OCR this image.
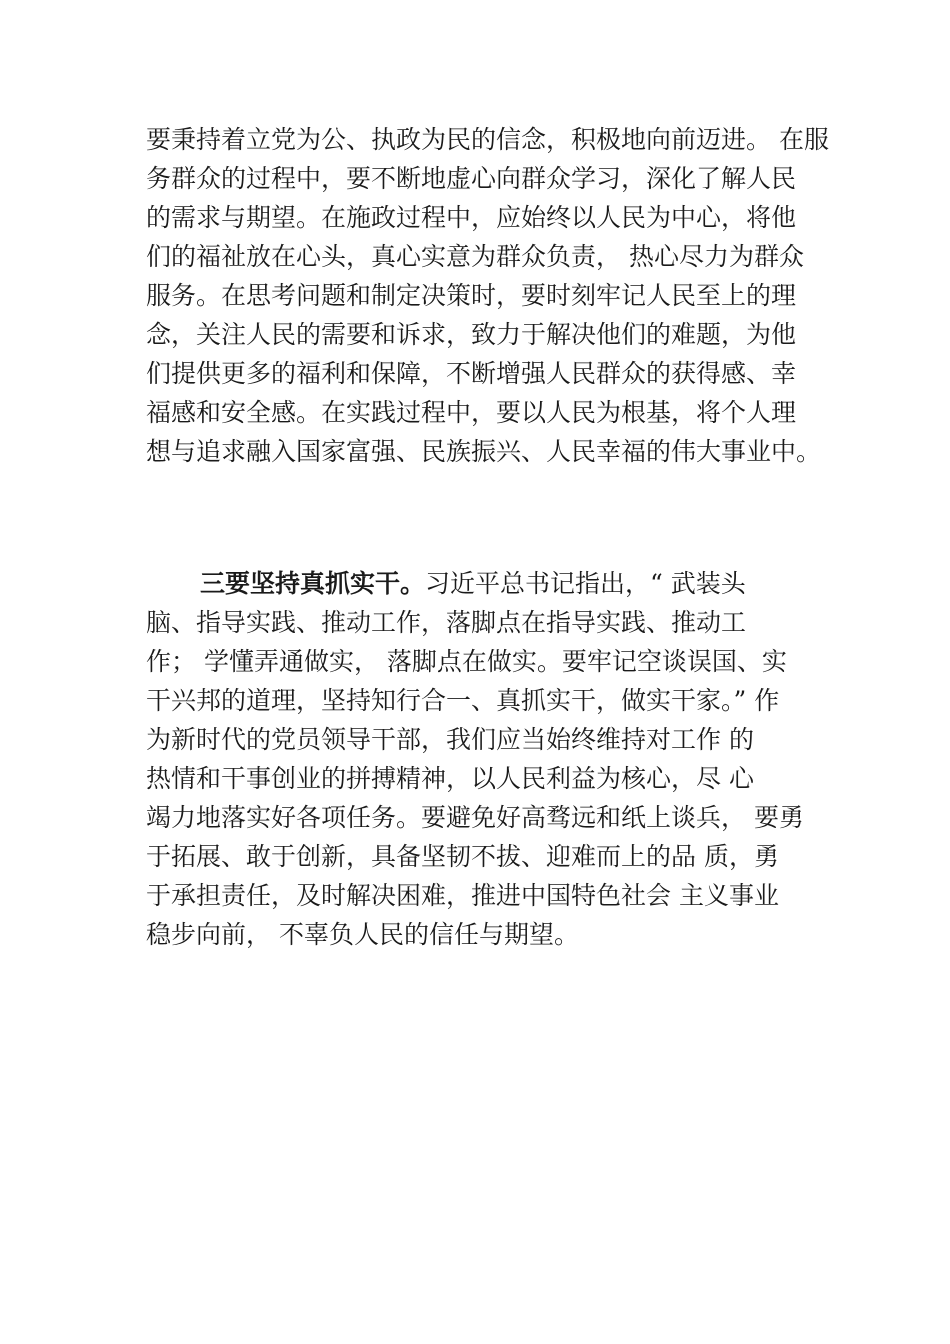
要秉持着立党为公、执政为民的信念，积极地向前迈进。 在服
务群众的过程中，要不断地虚心向群众学习，深化了解人民
的需求与期望。在施政过程中，应始终以人民为中心，将他
们的福祉放在心头，真心实意为群众负责， 热心尽力为群众
服务。在思考问题和制定决策时，要时刻牢记人民至上的理
念，关注人民的需要和诉求，致力于解决他们的难题，为他
们提供更多的福利和保障，不断增强人民群众的获得感、幸
福感和安全感。在实践过程中，要以人民为根基，将个人理
想与追求融入国家富强、民族振兴、人民幸福的伟大事业中。
三要坚持真抓实干。习近平总书记指出，“ 武装头
脑、指导实践、推动工作，落脚点在指导实践、推动工
作； 学懂弄通做实， 落脚点在做实。要牢记空谈误国、实
干兴邦的道理，坚持知行合一、真抓实干，做实干家。” 作
为新时代的党员领导干部，我们应当始终维持对工作 的
热情和干事创业的拼搏精神，以人民利益为核心，尽 心
竭力地落实好各项任务。要避免好高骛远和纸上谈兵， 要勇
于拓展、敢于创新，具备坚韧不拔、迎难而上的品 质，勇
于承担责任，及时解决困难，推进中国特色社会 主义事业
稳步向前， 不辜负人民的信任与期望。
